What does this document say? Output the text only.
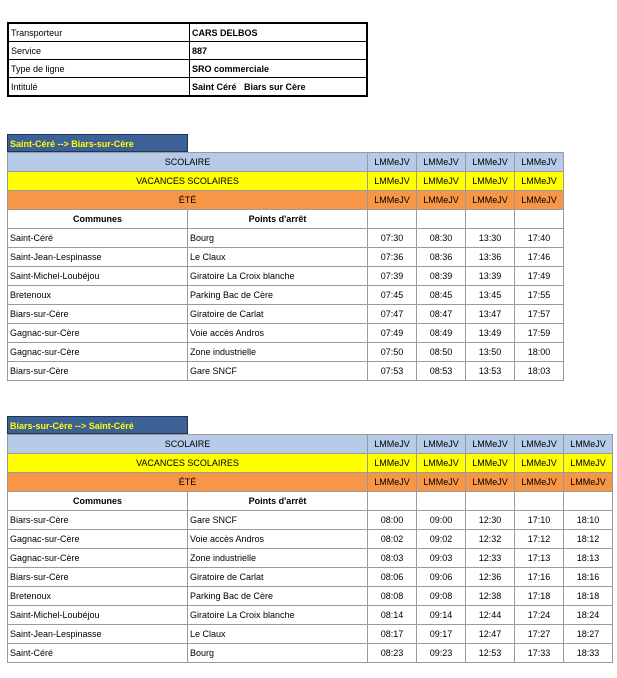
Transporteur	CARS DELBOS
Service	887
Type de ligne	SRO commerciale
Intitulé	Saint Céré   Biars sur Cère
Saint-Céré --> Biars-sur-Cère
SCOLAIRE		LMMeJV	LMMeJV	LMMeJV	LMMeJV
VACANCES SCOLAIRES		LMMeJV	LMMeJV	LMMeJV	LMMeJV
ÉTÉ		LMMeJV	LMMeJV	LMMeJV	LMMeJV
Communes	Points d'arrêt				
Saint-Céré	Bourg	07:30	08:30	13:30	17:40
Saint-Jean-Lespinasse	Le Claux	07:36	08:36	13:36	17:46
Saint-Michel-Loubéjou	Giratoire La Croix blanche	07:39	08:39	13:39	17:49
Bretenoux	Parking Bac de Cère	07:45	08:45	13:45	17:55
Biars-sur-Cère	Giratoire de Carlat	07:47	08:47	13:47	17:57
Gagnac-sur-Cère	Voie accès Andros	07:49	08:49	13:49	17:59
Gagnac-sur-Cère	Zone industrielle	07:50	08:50	13:50	18:00
Biars-sur-Cère	Gare SNCF	07:53	08:53	13:53	18:03
Biars-sur-Cère --> Saint-Céré
SCOLAIRE		LMMeJV	LMMeJV	LMMeJV	LMMeJV	LMMeJV
VACANCES SCOLAIRES		LMMeJV	LMMeJV	LMMeJV	LMMeJV	LMMeJV
ÉTÉ		LMMeJV	LMMeJV	LMMeJV	LMMeJV	LMMeJV
Communes	Points d'arrêt					
Biars-sur-Cère	Gare SNCF	08:00	09:00	12:30	17:10	18:10
Gagnac-sur-Cère	Voie accès Andros	08:02	09:02	12:32	17:12	18:12
Gagnac-sur-Cère	Zone industrielle	08:03	09:03	12:33	17:13	18:13
Biars-sur-Cère	Giratoire de Carlat	08:06	09:06	12:36	17:16	18:16
Bretenoux	Parking Bac de Cère	08:08	09:08	12:38	17:18	18:18
Saint-Michel-Loubéjou	Giratoire La Croix blanche	08:14	09:14	12:44	17:24	18:24
Saint-Jean-Lespinasse	Le Claux	08:17	09:17	12:47	17:27	18:27
Saint-Céré	Bourg	08:23	09:23	12:53	17:33	18:33
